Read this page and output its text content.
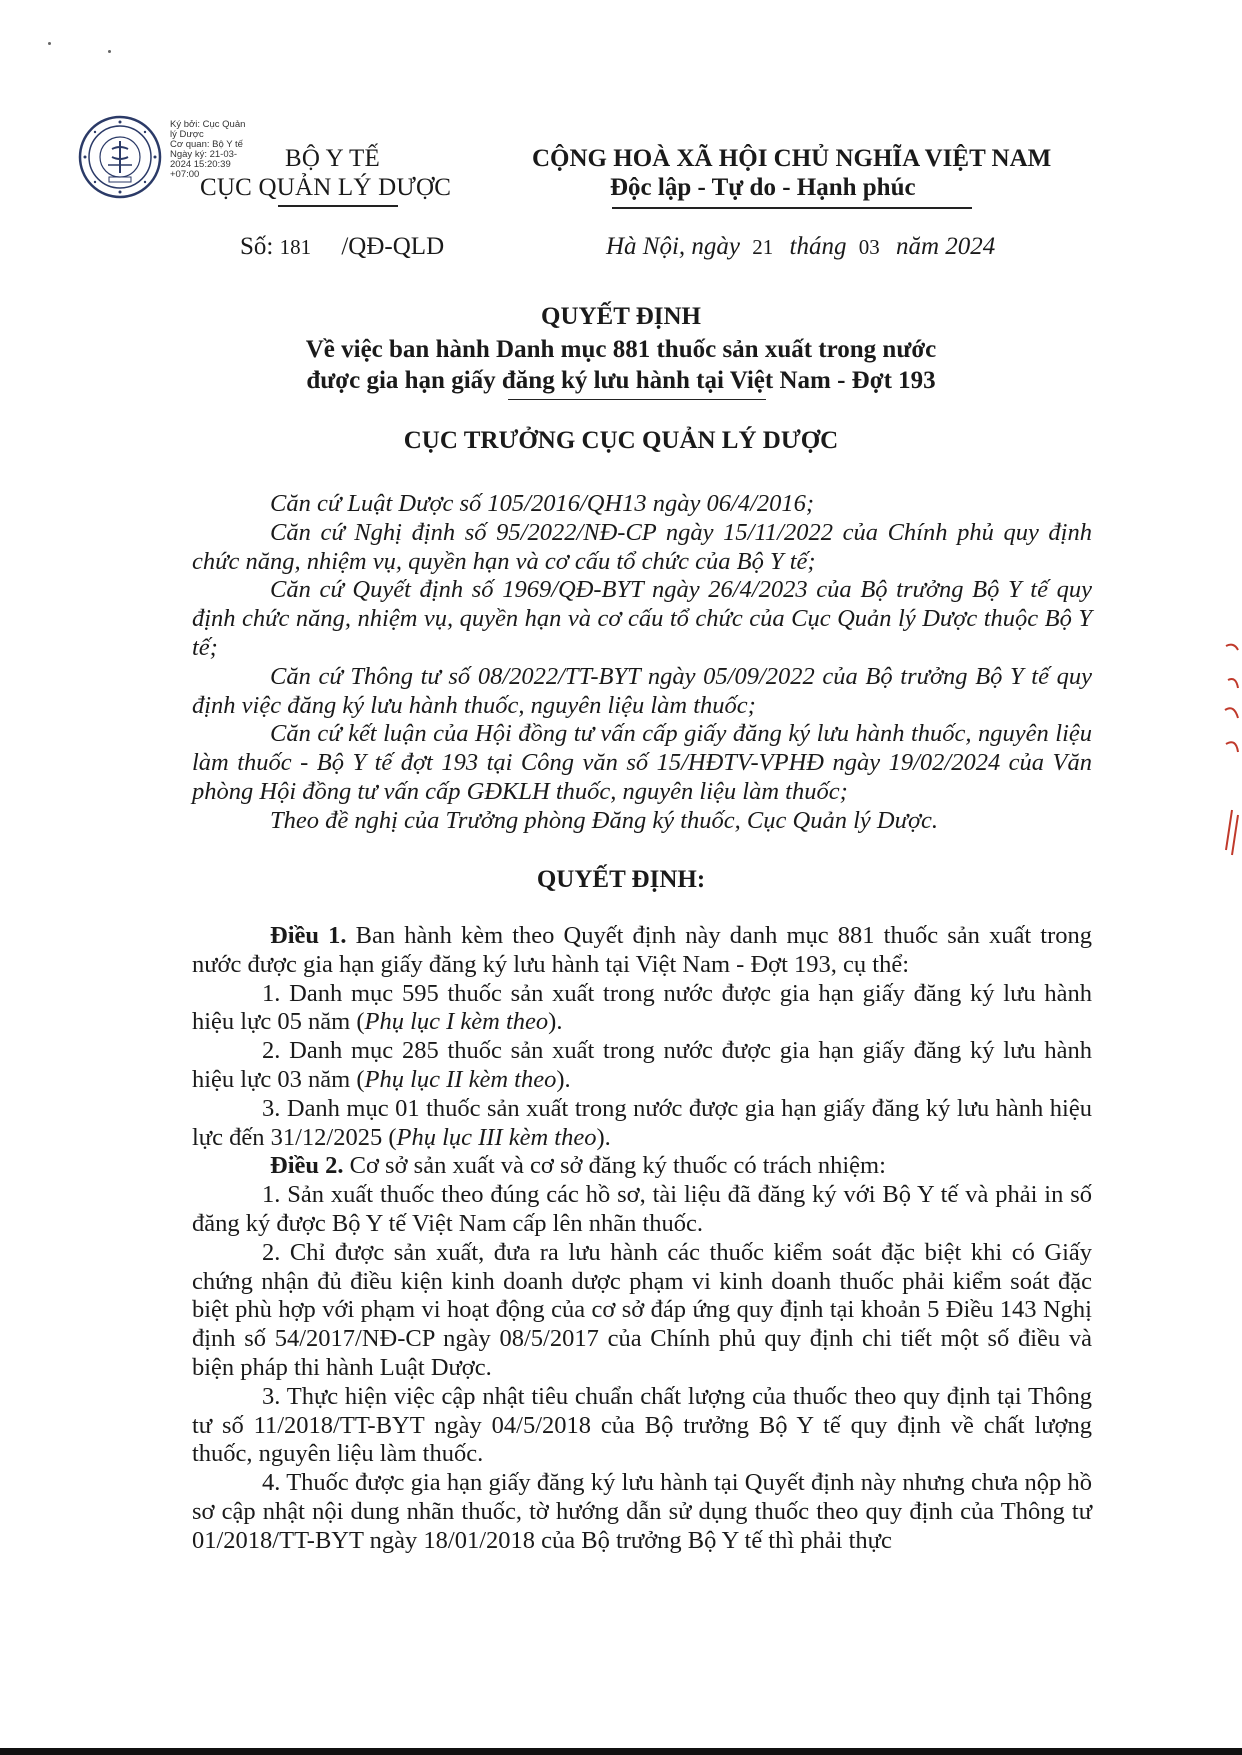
Ký bởi: Cục Quản
lý Dược
Cơ quan: Bộ Y tế
Ngày ký: 21-03-
2024 15:20:39
+07:00
BỘ Y TẾ
CỤC QUẢN LÝ DƯỢC
CỘNG HOÀ XÃ HỘI CHỦ NGHĨA VIỆT NAM
Độc lập - Tự do - Hạnh phúc
Số: 181 /QĐ-QLD	Hà Nội, ngày 21 tháng 03 năm 2024
QUYẾT ĐỊNH
Về việc ban hành Danh mục 881 thuốc sản xuất trong nước
được gia hạn giấy đăng ký lưu hành tại Việt Nam - Đợt 193
CỤC TRƯỞNG CỤC QUẢN LÝ DƯỢC

Căn cứ Luật Dược số 105/2016/QH13 ngày 06/4/2016;

Căn cứ Nghị định số 95/2022/NĐ-CP ngày 15/11/2022 của Chính phủ quy định chức năng, nhiệm vụ, quyền hạn và cơ cấu tổ chức của Bộ Y tế;

Căn cứ Quyết định số 1969/QĐ-BYT ngày 26/4/2023 của Bộ trưởng Bộ Y tế quy định chức năng, nhiệm vụ, quyền hạn và cơ cấu tổ chức của Cục Quản lý Dược thuộc Bộ Y tế;

Căn cứ Thông tư số 08/2022/TT-BYT ngày 05/09/2022 của Bộ trưởng Bộ Y tế quy định việc đăng ký lưu hành thuốc, nguyên liệu làm thuốc;

Căn cứ kết luận của Hội đồng tư vấn cấp giấy đăng ký lưu hành thuốc, nguyên liệu làm thuốc - Bộ Y tế đợt 193 tại Công văn số 15/HĐTV-VPHĐ ngày 19/02/2024 của Văn phòng Hội đồng tư vấn cấp GĐKLH thuốc, nguyên liệu làm thuốc;

Theo đề nghị của Trưởng phòng Đăng ký thuốc, Cục Quản lý Dược.

QUYẾT ĐỊNH:

Điều 1. Ban hành kèm theo Quyết định này danh mục 881 thuốc sản xuất trong nước được gia hạn giấy đăng ký lưu hành tại Việt Nam - Đợt 193, cụ thể:

1. Danh mục 595 thuốc sản xuất trong nước được gia hạn giấy đăng ký lưu hành hiệu lực 05 năm (Phụ lục I kèm theo).

2. Danh mục 285 thuốc sản xuất trong nước được gia hạn giấy đăng ký lưu hành hiệu lực 03 năm (Phụ lục II kèm theo).

3. Danh mục 01 thuốc sản xuất trong nước được gia hạn giấy đăng ký lưu hành hiệu lực đến 31/12/2025 (Phụ lục III kèm theo).

Điều 2. Cơ sở sản xuất và cơ sở đăng ký thuốc có trách nhiệm:

1. Sản xuất thuốc theo đúng các hồ sơ, tài liệu đã đăng ký với Bộ Y tế và phải in số đăng ký được Bộ Y tế Việt Nam cấp lên nhãn thuốc.

2. Chỉ được sản xuất, đưa ra lưu hành các thuốc kiểm soát đặc biệt khi có Giấy chứng nhận đủ điều kiện kinh doanh dược phạm vi kinh doanh thuốc phải kiểm soát đặc biệt phù hợp với phạm vi hoạt động của cơ sở đáp ứng quy định tại khoản 5 Điều 143 Nghị định số 54/2017/NĐ-CP ngày 08/5/2017 của Chính phủ quy định chi tiết một số điều và biện pháp thi hành Luật Dược.

3. Thực hiện việc cập nhật tiêu chuẩn chất lượng của thuốc theo quy định tại Thông tư số 11/2018/TT-BYT ngày 04/5/2018 của Bộ trưởng Bộ Y tế quy định về chất lượng thuốc, nguyên liệu làm thuốc.

4. Thuốc được gia hạn giấy đăng ký lưu hành tại Quyết định này nhưng chưa nộp hồ sơ cập nhật nội dung nhãn thuốc, tờ hướng dẫn sử dụng thuốc theo quy định của Thông tư 01/2018/TT-BYT ngày 18/01/2018 của Bộ trưởng Bộ Y tế thì phải thực
